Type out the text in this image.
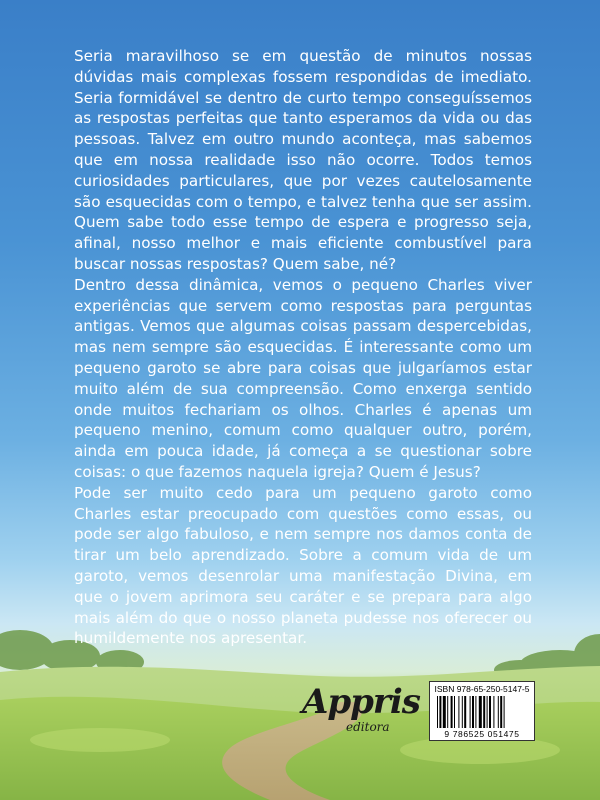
Seria maravilhoso se em questão de minutos nossas dúvidas mais complexas fossem respondidas de imediato. Seria formidável se dentro de curto tempo conseguíssemos as respostas perfeitas que tanto esperamos da vida ou das pessoas. Talvez em outro mundo aconteça, mas sabemos que em nossa realidade isso não ocorre. Todos temos curiosidades particulares, que por vezes cautelosamente são esquecidas com o tempo, e talvez tenha que ser assim. Quem sabe todo esse tempo de espera e progresso seja, afinal, nosso melhor e mais eficiente combustível para buscar nossas respostas? Quem sabe, né?

Dentro dessa dinâmica, vemos o pequeno Charles viver experiências que servem como respostas para perguntas antigas. Vemos que algumas coisas passam despercebidas, mas nem sempre são esquecidas. É interessante como um pequeno garoto se abre para coisas que julgaríamos estar muito além de sua compreensão. Como enxerga sentido onde muitos fechariam os olhos. Charles é apenas um pequeno menino, comum como qualquer outro, porém, ainda em pouca idade, já começa a se questionar sobre coisas: o que fazemos naquela igreja? Quem é Jesus?

Pode ser muito cedo para um pequeno garoto como Charles estar preocupado com questões como essas, ou pode ser algo fabuloso, e nem sempre nos damos conta de tirar um belo aprendizado. Sobre a comum vida de um garoto, vemos desenrolar uma manifestação Divina, em que o jovem aprimora seu caráter e se prepara para algo mais além do que o nosso planeta pudesse nos oferecer ou humildemente nos apresentar.

Appris
editora
ISBN 978-65-250-5147-5
9 786525 051475
